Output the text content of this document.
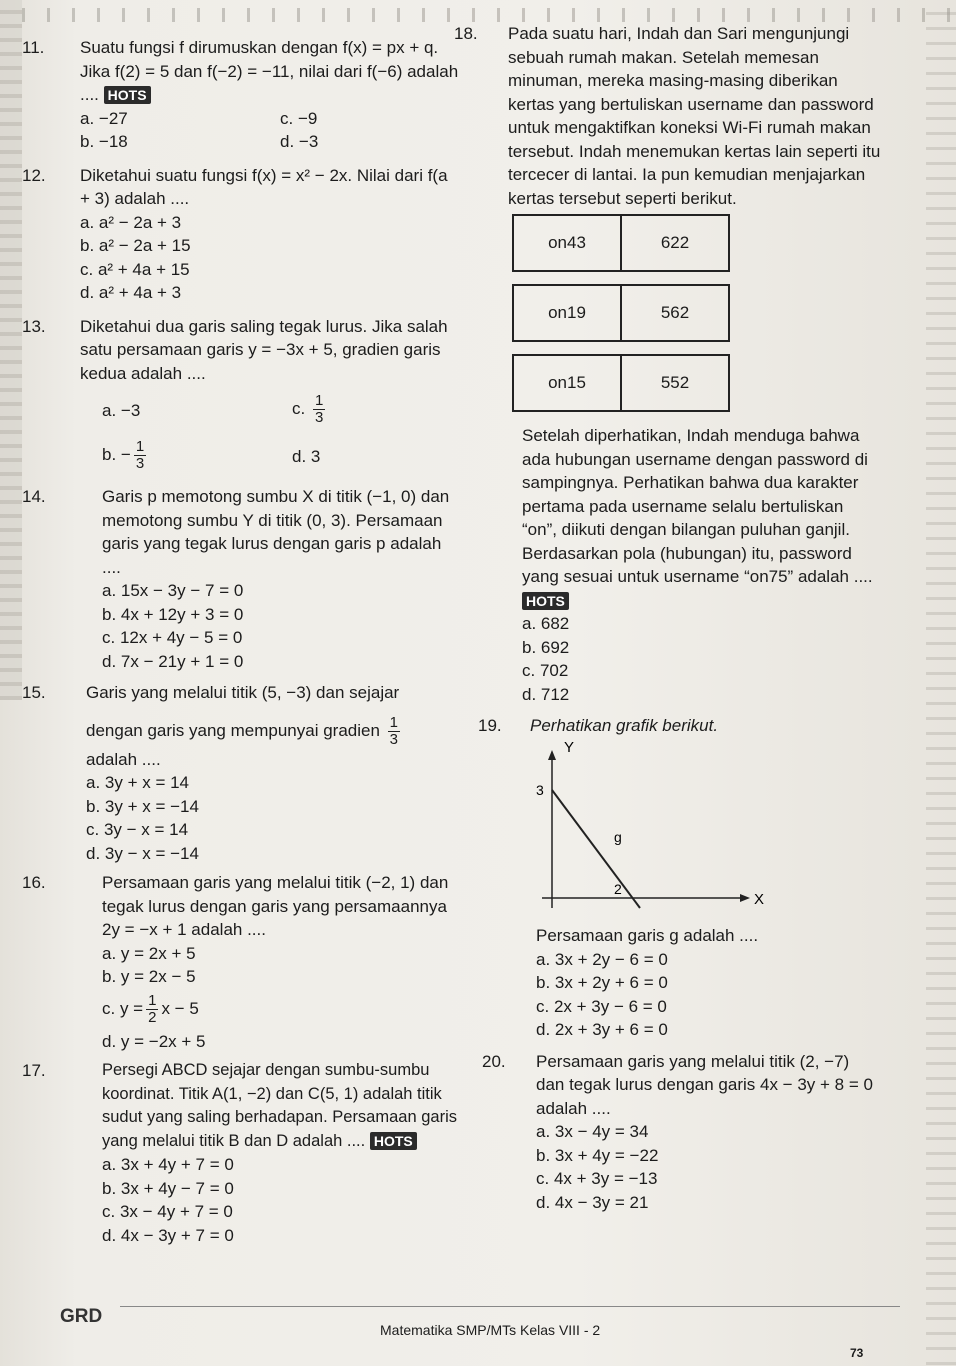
11. Suatu fungsi f dirumuskan dengan f(x) = px + q. Jika f(2) = 5 dan f(−2) = −11, nilai dari f(−6) adalah .... HOTS
a. −27	c. −9
b. −18	d. −3
12. Diketahui suatu fungsi f(x) = x² − 2x. Nilai dari f(a + 3) adalah ....
a. a² − 2a + 3
b. a² − 2a + 15
c. a² + 4a + 15
d. a² + 4a + 3
13. Diketahui dua garis saling tegak lurus. Jika salah satu persamaan garis y = −3x + 5, gradien garis kedua adalah ....
a. −3	c. $\frac{1}{3}$
b. − $\frac{1}{3}$	d. 3
14.	Garis p memotong sumbu X di titik (−1, 0) dan memotong sumbu Y di titik (0, 3). Persamaan garis yang tegak lurus dengan garis p adalah ....
a. 15x − 3y − 7 = 0
b. 4x + 12y + 3 = 0
c. 12x + 4y − 5 = 0
d. 7x − 21y + 1 = 0
15. Garis yang melalui titik (5, −3) dan sejajar
dengan garis yang mempunyai gradien $\frac{1}{3}$
adalah ....
a. 3y + x = 14
b. 3y + x = −14
c. 3y − x = 14
d. 3y − x = −14
16.	Persamaan garis yang melalui titik (−2, 1) dan tegak lurus dengan garis yang persamaannya 2y = −x + 1 adalah ....
a. y = 2x + 5
b. y = 2x − 5
c. $y = \frac{1}{2}$ x − 5
d. y = −2x + 5
17.	Persegi ABCD sejajar dengan sumbu-sumbu koordinat. Titik A(1, −2) dan C(5, 1) adalah titik sudut yang saling berhadapan. Persamaan garis yang melalui titik B dan D adalah .... HOTS
a. 3x + 4y + 7 = 0
b. 3x + 4y − 7 = 0
c. 3x − 4y + 7 = 0
d. 4x − 3y + 7 = 0
18. Pada suatu hari, Indah dan Sari mengunjungi sebuah rumah makan. Setelah memesan minuman, mereka masing-masing diberikan kertas yang bertuliskan username dan password untuk mengaktifkan koneksi Wi-Fi rumah makan tersebut. Indah menemukan kertas lain seperti itu tercecer di lantai. Ia pun kemudian menjajarkan kertas tersebut seperti berikut.
on43	622
on19	562
on15	552
Setelah diperhatikan, Indah menduga bahwa ada hubungan username dengan password di sampingnya. Perhatikan bahwa dua karakter pertama pada username selalu bertuliskan “on”, diikuti dengan bilangan puluhan ganjil. Berdasarkan pola (hubungan) itu, password yang sesuai untuk username “on75” adalah .... HOTS
a. 682
b. 692
c. 702
d. 712
19. Perhatikan grafik berikut.
Y
3
2
g
X
Persamaan garis g adalah ....
a. 3x + 2y − 6 = 0
b. 3x + 2y + 6 = 0
c. 2x + 3y − 6 = 0
d. 2x + 3y + 6 = 0
20. Persamaan garis yang melalui titik (2, −7) dan tegak lurus dengan garis 4x − 3y + 8 = 0 adalah ....
a. 3x − 4y = 34
b. 3x + 4y = −22
c. 4x + 3y = −13
d. 4x − 3y = 21
GRD
Matematika SMP/MTs Kelas VIII - 2
73
